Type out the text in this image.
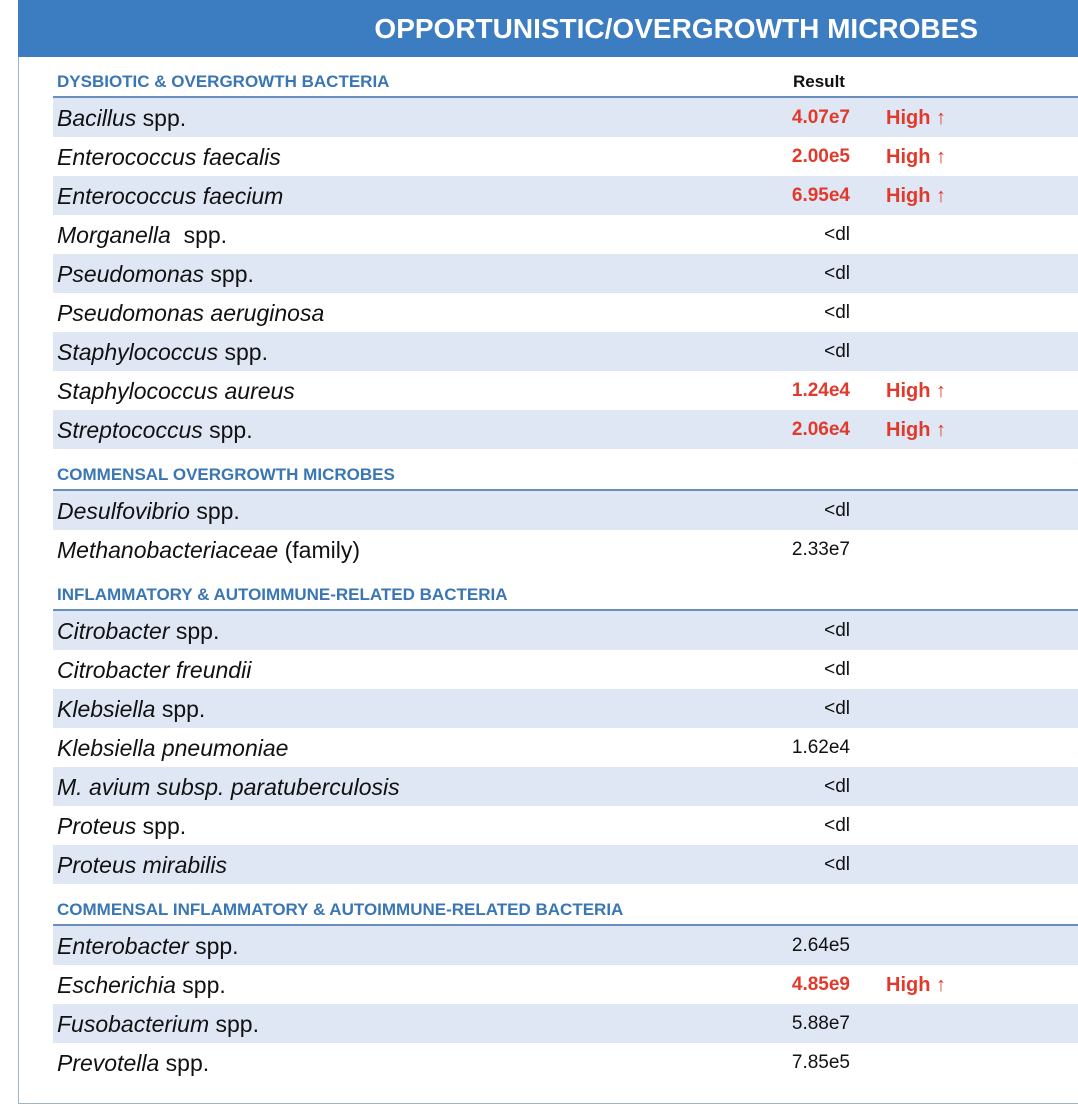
OPPORTUNISTIC/OVERGROWTH MICROBES
DYSBIOTIC & OVERGROWTH BACTERIA	Result
Bacillus spp.	4.07e7 High ↑
Enterococcus faecalis	2.00e5 High ↑
Enterococcus faecium	6.95e4 High ↑
Morganella  spp.	<dl
Pseudomonas spp.	<dl
Pseudomonas aeruginosa	<dl
Staphylococcus spp.	<dl
Staphylococcus aureus	1.24e4 High ↑
Streptococcus spp.	2.06e4 High ↑
COMMENSAL OVERGROWTH MICROBES
Desulfovibrio spp.	<dl
Methanobacteriaceae (family)	2.33e7
INFLAMMATORY & AUTOIMMUNE-RELATED BACTERIA
Citrobacter spp.	<dl
Citrobacter freundii	<dl
Klebsiella spp.	<dl
Klebsiella pneumoniae	1.62e4
M. avium subsp. paratuberculosis	<dl
Proteus spp.	<dl
Proteus mirabilis	<dl
COMMENSAL INFLAMMATORY & AUTOIMMUNE-RELATED BACTERIA
Enterobacter spp.	2.64e5
Escherichia spp.	4.85e9 High ↑
Fusobacterium spp.	5.88e7
Prevotella spp.	7.85e5
